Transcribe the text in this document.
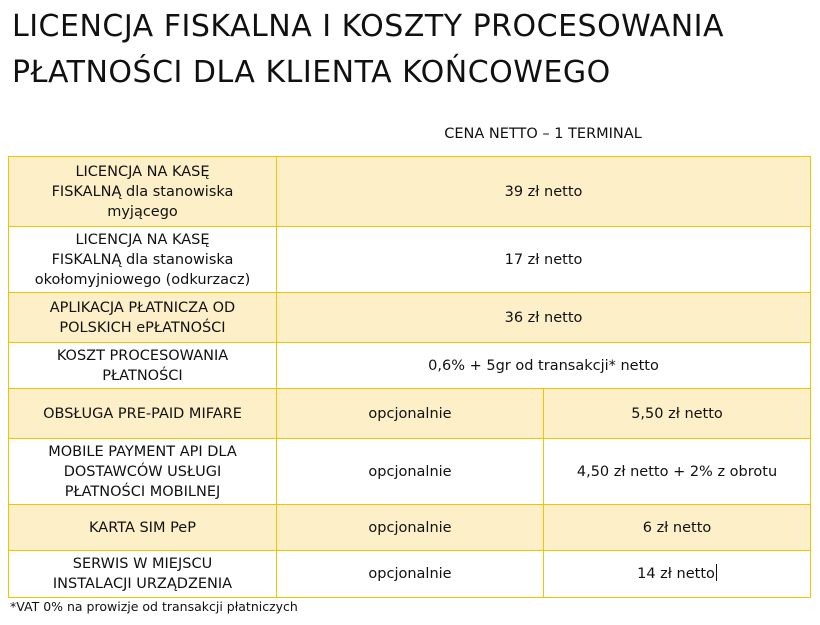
LICENCJA FISKALNA I KOSZTY PROCESOWANIA
PŁATNOŚCI DLA KLIENTA KOŃCOWEGO
CENA NETTO – 1 TERMINAL
LICENCJA NA KASĘ
FISKALNĄ dla stanowiska
myjącego	39 zł netto	

LICENCJA NA KASĘ
FISKALNĄ dla stanowiska
okołomyjniowego (odkurzacz)	17 zł netto	

APLIKACJA PŁATNICZA OD
POLSKICH ePŁATNOŚCI	36 zł netto	

KOSZT PROCESOWANIA
PŁATNOŚCI	0,6% + 5gr od transakcji* netto	

OBSŁUGA PRE-PAID MIFARE	opcjonalnie	5,50 zł netto

MOBILE PAYMENT API DLA
DOSTAWCÓW USŁUGI
PŁATNOŚCI MOBILNEJ	opcjonalnie	4,50 zł netto + 2% z obrotu

KARTA SIM PeP	opcjonalnie	6 zł netto

SERWIS W MIEJSCU
INSTALACJI URZĄDZENIA	opcjonalnie	14 zł netto
*VAT 0% na prowizje od transakcji płatniczych
